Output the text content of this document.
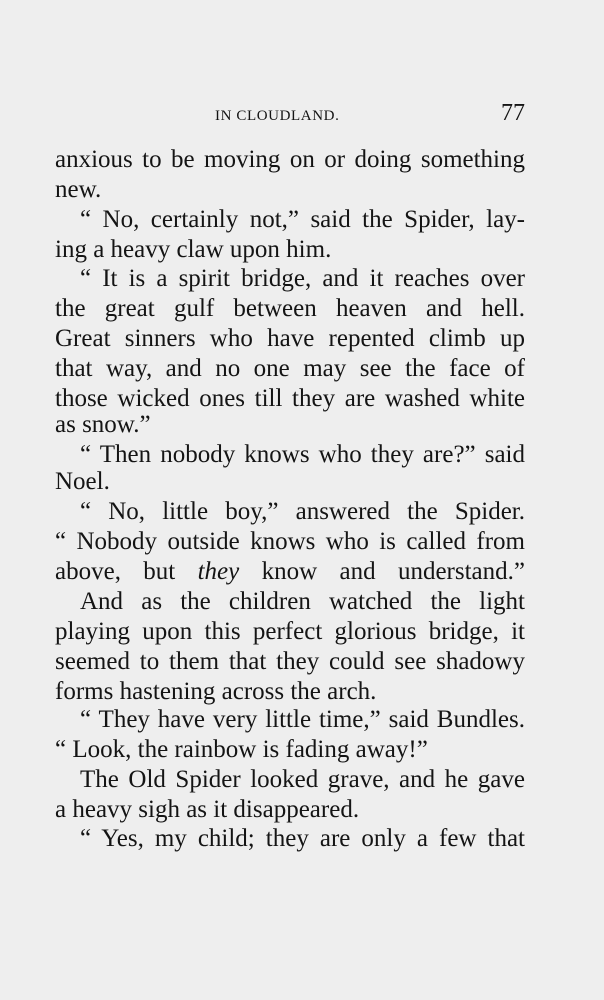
IN CLOUDLAND.	77
anxious to be moving on or doing something
new.
“ No, certainly not,” said the Spider, lay-
ing a heavy claw upon him.
“ It is a spirit bridge, and it reaches over
the great gulf between heaven and hell.
Great sinners who have repented climb up
that way, and no one may see the face of
those wicked ones till they are washed white
as snow.”
“ Then nobody knows who they are?” said
Noel.
“ No, little boy,” answered the Spider.
“ Nobody outside knows who is called from
above, but they know and understand.”
And as the children watched the light
playing upon this perfect glorious bridge, it
seemed to them that they could see shadowy
forms hastening across the arch.
“ They have very little time,” said Bundles.
“ Look, the rainbow is fading away!”
The Old Spider looked grave, and he gave
a heavy sigh as it disappeared.
“ Yes, my child; they are only a few that
